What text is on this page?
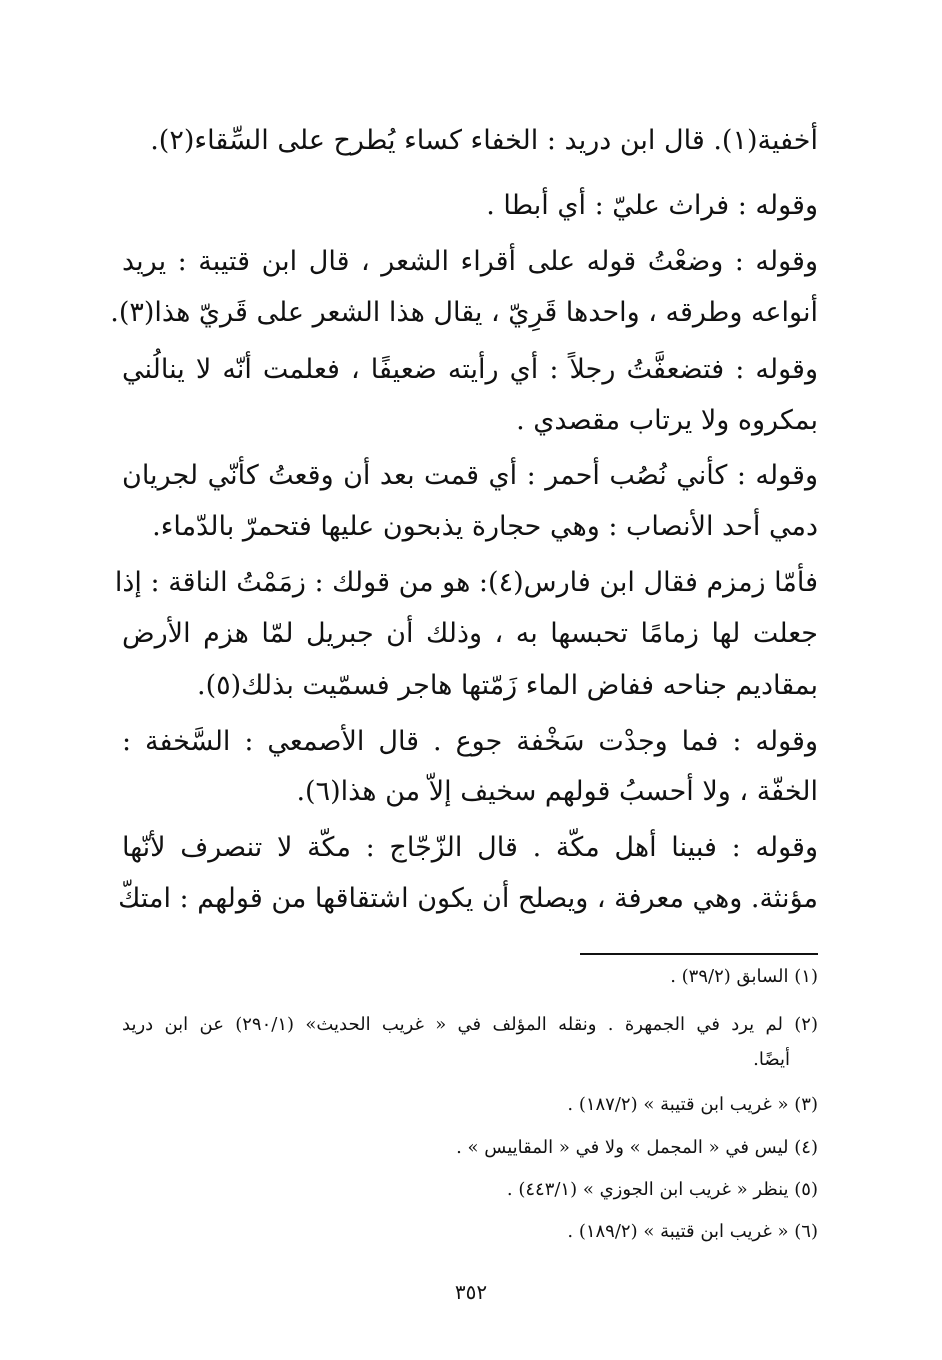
أخفية(١). قال ابن دريد : الخفاء كساء يُطرح على السِّقاء(٢).
وقوله : فراث عليّ : أي أبطا .
وقوله : وضعْتُ قوله على أقراء الشعر ، قال ابن قتيبة : يريد
أنواعه وطرقه ، واحدها قَرِيّ ، يقال هذا الشعر على قَريّ هذا(٣).
وقوله : فتضعفَّتُ رجلاً : أي رأيته ضعيفًا ، فعلمت أنّه لا ينالُني
بمكروه ولا يرتاب مقصدي .
وقوله : كأني نُصُب أحمر : أي قمت بعد أن وقعتُ كأنّي لجريان
دمي أحد الأنصاب : وهي حجارة يذبحون عليها فتحمرّ بالدّماء.
فأمّا زمزم فقال ابن فارس(٤): هو من قولك : زمَمْتُ الناقة : إذا
جعلت لها زمامًا تحبسها به ، وذلك أن جبريل لمّا هزم الأرض
بمقاديم جناحه ففاض الماء زَمّتها هاجر فسمّيت بذلك(٥).
وقوله : فما وجدْت سَخْفة جوع . قال الأصمعي : السَّخفة :
الخفّة ، ولا أحسبُ قولهم سخيف إلاّ من هذا(٦).
وقوله : فبينا أهل مكّة . قال الزّجّاج : مكّة لا تنصرف لأنّها
مؤنثة. وهي معرفة ، ويصلح أن يكون اشتقاقها من قولهم : امتكّ
(١) السابق (٣٩/٢) .
(٢) لم يرد في الجمهرة . ونقله المؤلف في « غريب الحديث» (٢٩٠/١) عن ابن دريد
أيضًا.
(٣) « غريب ابن قتيبة » (١٨٧/٢) .
(٤) ليس في « المجمل » ولا في « المقاييس » .
(٥) ينظر « غريب ابن الجوزي » (٤٤٣/١) .
(٦) « غريب ابن قتيبة » (١٨٩/٢) .
٣٥٢
